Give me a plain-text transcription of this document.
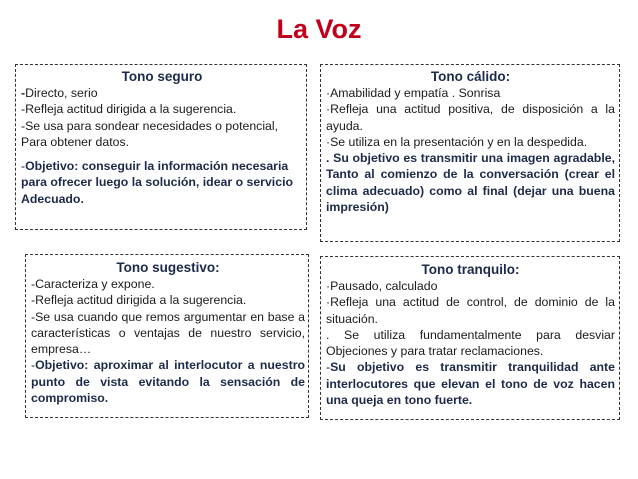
La Voz
Tono seguro

-Directo, serio

-Refleja actitud dirigida a la sugerencia.

-Se usa para sondear necesidades o potencial, Para obtener datos.

-Objetivo: conseguir la información necesaria para ofrecer luego la solución, idear o servicio Adecuado.

Tono cálido:

·Amabilidad y empatía . Sonrisa

·Refleja una actitud positiva, de disposición a la ayuda.

·Se utiliza en la presentación y en la despedida.

. Su objetivo es transmitir una imagen agradable, Tanto al comienzo de la conversación (crear el clima adecuado) como al final (dejar una buena impresión)

Tono sugestivo:

-Caracteriza y expone.

-Refleja actitud dirigida a la sugerencia.

-Se usa cuando que remos argumentar en base a características o ventajas de nuestro servicio, empresa…

-Objetivo: aproximar al interlocutor a nuestro punto de vista evitando la sensación de compromiso.

Tono tranquilo:

·Pausado, calculado

·Refleja una actitud de control, de dominio de la situación.

. Se utiliza fundamentalmente para desviar Objeciones y para tratar reclamaciones.

-Su objetivo es transmitir tranquilidad ante interlocutores que elevan el tono de voz hacen una queja en tono fuerte.
